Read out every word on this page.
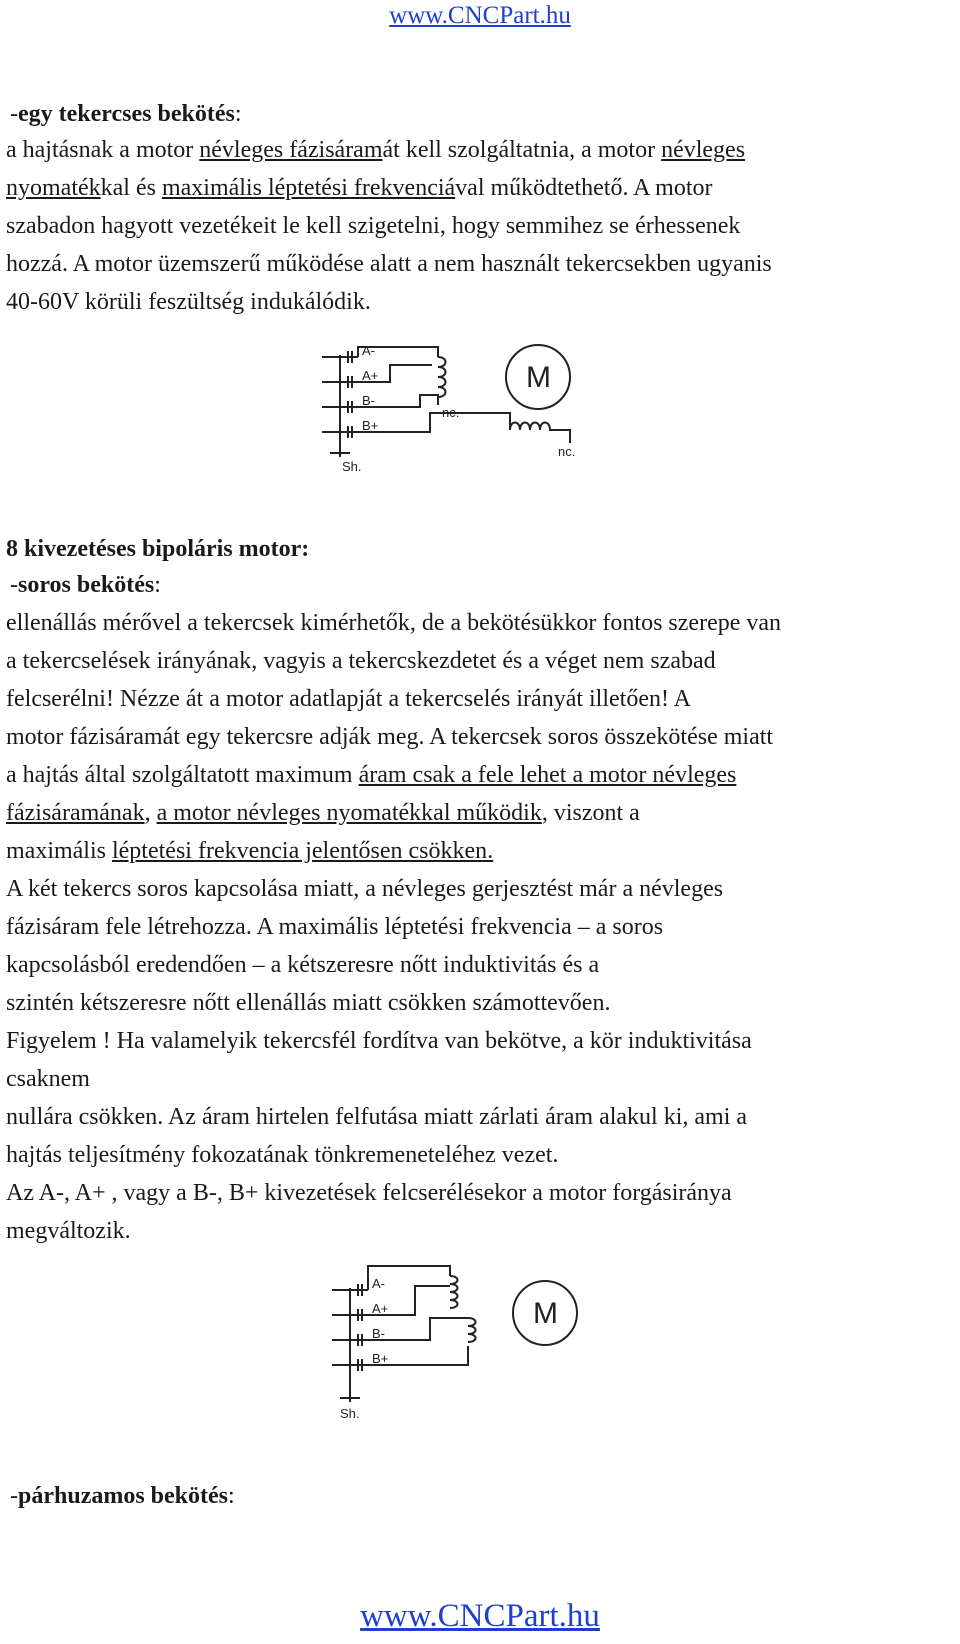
www.CNCPart.hu
-egy tekercses bekötés:
a hajtásnak a motor névleges fázisáramát kell szolgáltatnia, a motor névleges
nyomatékkal és maximális léptetési frekvenciával működtethető. A motor
szabadon hagyott vezetékeit le kell szigetelni, hogy semmihez se érhessenek
hozzá. A motor üzemszerű működése alatt a nem használt tekercsekben ugyanis
40-60V körüli feszültség indukálódik.
A-
A+
B-
B+
nc.
nc.
Sh.
M
8 kivezetéses bipoláris motor:
-soros bekötés:
ellenállás mérővel a tekercsek kimérhetők, de a bekötésükkor fontos szerepe van
a tekercselések irányának, vagyis a tekercskezdetet és a véget nem szabad
felcserélni! Nézze át a motor adatlapját a tekercselés irányát illetően! A
motor fázisáramát egy tekercsre adják meg. A tekercsek soros összekötése miatt
a hajtás által szolgáltatott maximum áram csak a fele lehet a motor névleges
fázisáramának, a motor névleges nyomatékkal működik, viszont a
maximális léptetési frekvencia jelentősen csökken.
A két tekercs soros kapcsolása miatt, a névleges gerjesztést már a névleges
fázisáram fele létrehozza. A maximális léptetési frekvencia – a soros
kapcsolásból eredendően – a kétszeresre nőtt induktivitás és a
szintén kétszeresre nőtt ellenállás miatt csökken számottevően.
Figyelem ! Ha valamelyik tekercsfél fordítva van bekötve, a kör induktivitása
csaknem
nullára csökken. Az áram hirtelen felfutása miatt zárlati áram alakul ki, ami a
hajtás teljesítmény fokozatának tönkremeneteléhez vezet.
Az A-, A+ , vagy a B-, B+ kivezetések felcserélésekor a motor forgásiránya
megváltozik.
A-
A+
B-
B+
Sh.
M
-párhuzamos bekötés:
www.CNCPart.hu
